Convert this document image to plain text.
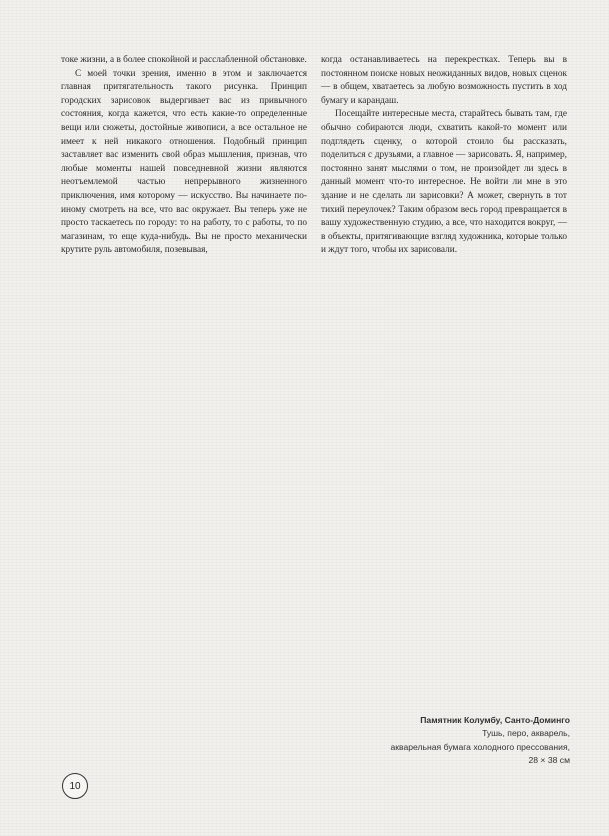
токе жизни, а в более спокойной и расслабленной обстановке.

С моей точки зрения, именно в этом и заключается главная притягательность такого рисунка. Принцип городских зарисовок выдергивает вас из привычного состояния, когда кажется, что есть какие-то определенные вещи или сюжеты, достойные живописи, а все остальное не имеет к ней никакого отношения. Подобный принцип заставляет вас изменить свой образ мышления, признав, что любые моменты нашей повседневной жизни являются неотъемлемой частью непрерывного жизненного приключения, имя которому — искусство. Вы начинаете по-иному смотреть на все, что вас окружает. Вы теперь уже не просто таскаетесь по городу: то на работу, то с работы, то по магазинам, то еще куда-нибудь. Вы не просто механически крутите руль автомобиля, позевывая,

когда останавливаетесь на перекрестках. Теперь вы в постоянном поиске новых неожиданных видов, новых сценок — в общем, хватаетесь за любую возможность пустить в ход бумагу и карандаш.

Посещайте интересные места, старайтесь бывать там, где обычно собираются люди, схватить какой-то момент или подглядеть сценку, о которой стоило бы рассказать, поделиться с друзьями, а главное — зарисовать. Я, например, постоянно занят мыслями о том, не произойдет ли здесь в данный момент что-то интересное. Не войти ли мне в это здание и не сделать ли зарисовки? А может, свернуть в тот тихий переулочек? Таким образом весь город превращается в вашу художественную студию, а все, что находится вокруг, — в объекты, притягивающие взгляд художника, которые только и ждут того, чтобы их зарисовали.

Памятник Колумбу, Санто-Доминго
Тушь, перо, акварель,
акварельная бумага холодного прессования,
28 × 38 см
10
